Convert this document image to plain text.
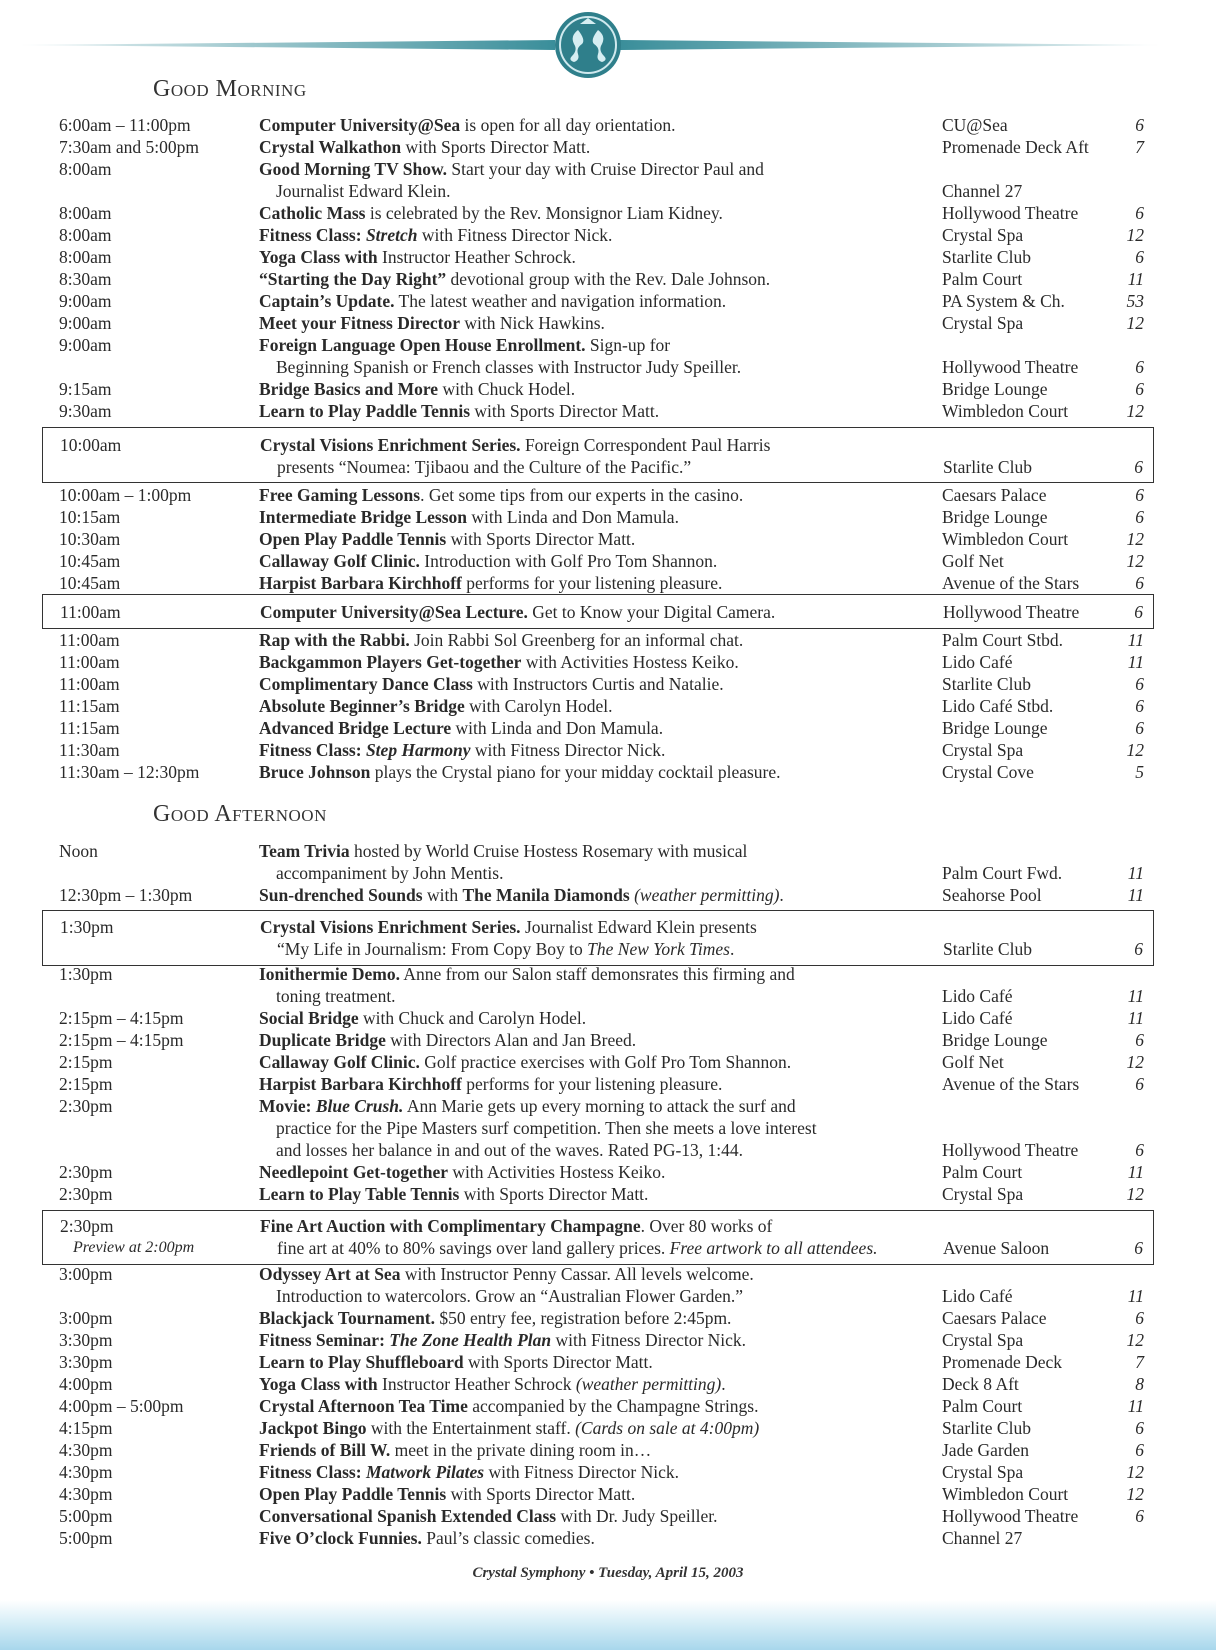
Good Morning
6:00am – 11:00pm	Computer University@Sea is open for all day orientation.	CU@Sea	6
7:30am and 5:00pm	Crystal Walkathon with Sports Director Matt.	Promenade Deck Aft	7
8:00am	Good Morning TV Show. Start your day with Cruise Director Paul and
Journalist Edward Klein.	Channel 27
8:00am	Catholic Mass is celebrated by the Rev. Monsignor Liam Kidney.	Hollywood Theatre	6
8:00am	Fitness Class: Stretch with Fitness Director Nick.	Crystal Spa	12
8:00am	Yoga Class with Instructor Heather Schrock.	Starlite Club	6
8:30am	“Starting the Day Right” devotional group with the Rev. Dale Johnson.	Palm Court	11
9:00am	Captain’s Update. The latest weather and navigation information.	PA System & Ch.	53
9:00am	Meet your Fitness Director with Nick Hawkins.	Crystal Spa	12
9:00am	Foreign Language Open House Enrollment. Sign-up for
Beginning Spanish or French classes with Instructor Judy Speiller.	Hollywood Theatre	6
9:15am	Bridge Basics and More with Chuck Hodel.	Bridge Lounge	6
9:30am	Learn to Play Paddle Tennis with Sports Director Matt.	Wimbledon Court	12
10:00am	Crystal Visions Enrichment Series. Foreign Correspondent Paul Harris
presents “Noumea: Tjibaou and the Culture of the Pacific.”	Starlite Club	6
10:00am – 1:00pm	Free Gaming Lessons. Get some tips from our experts in the casino.	Caesars Palace	6
10:15am	Intermediate Bridge Lesson with Linda and Don Mamula.	Bridge Lounge	6
10:30am	Open Play Paddle Tennis with Sports Director Matt.	Wimbledon Court	12
10:45am	Callaway Golf Clinic. Introduction with Golf Pro Tom Shannon.	Golf Net	12
10:45am	Harpist Barbara Kirchhoff performs for your listening pleasure.	Avenue of the Stars	6
11:00am	Computer University@Sea Lecture. Get to Know your Digital Camera.	Hollywood Theatre	6
11:00am	Rap with the Rabbi. Join Rabbi Sol Greenberg for an informal chat.	Palm Court Stbd.	11
11:00am	Backgammon Players Get-together with Activities Hostess Keiko.	Lido Café	11
11:00am	Complimentary Dance Class with Instructors Curtis and Natalie.	Starlite Club	6
11:15am	Absolute Beginner’s Bridge with Carolyn Hodel.	Lido Café Stbd.	6
11:15am	Advanced Bridge Lecture with Linda and Don Mamula.	Bridge Lounge	6
11:30am	Fitness Class: Step Harmony with Fitness Director Nick.	Crystal Spa	12
11:30am – 12:30pm	Bruce Johnson plays the Crystal piano for your midday cocktail pleasure.	Crystal Cove	5
Good Afternoon
Noon	Team Trivia hosted by World Cruise Hostess Rosemary with musical
accompaniment by John Mentis.	Palm Court Fwd.	11
12:30pm – 1:30pm	Sun-drenched Sounds with The Manila Diamonds (weather permitting).	Seahorse Pool	11
1:30pm	Crystal Visions Enrichment Series. Journalist Edward Klein presents
“My Life in Journalism: From Copy Boy to The New York Times.	Starlite Club	6
1:30pm	Ionithermie Demo. Anne from our Salon staff demonsrates this firming and
toning treatment.	Lido Café	11
2:15pm – 4:15pm	Social Bridge with Chuck and Carolyn Hodel.	Lido Café	11
2:15pm – 4:15pm	Duplicate Bridge with Directors Alan and Jan Breed.	Bridge Lounge	6
2:15pm	Callaway Golf Clinic. Golf practice exercises with Golf Pro Tom Shannon.	Golf Net	12
2:15pm	Harpist Barbara Kirchhoff performs for your listening pleasure.	Avenue of the Stars	6
2:30pm	Movie: Blue Crush. Ann Marie gets up every morning to attack the surf and
practice for the Pipe Masters surf competition. Then she meets a love interest
and losses her balance in and out of the waves. Rated PG-13, 1:44.	Hollywood Theatre	6
2:30pm	Needlepoint Get-together with Activities Hostess Keiko.	Palm Court	11
2:30pm	Learn to Play Table Tennis with Sports Director Matt.	Crystal Spa	12
2:30pm
Preview at 2:00pm
Fine Art Auction with Complimentary Champagne. Over 80 works of
fine art at 40% to 80% savings over land gallery prices. Free artwork to all attendees.	Avenue Saloon	6
3:00pm	Odyssey Art at Sea with Instructor Penny Cassar. All levels welcome.
Introduction to watercolors. Grow an “Australian Flower Garden.”	Lido Café	11
3:00pm	Blackjack Tournament. $50 entry fee, registration before 2:45pm.	Caesars Palace	6
3:30pm	Fitness Seminar: The Zone Health Plan with Fitness Director Nick.	Crystal Spa	12
3:30pm	Learn to Play Shuffleboard with Sports Director Matt.	Promenade Deck	7
4:00pm	Yoga Class with Instructor Heather Schrock (weather permitting).	Deck 8 Aft	8
4:00pm – 5:00pm	Crystal Afternoon Tea Time accompanied by the Champagne Strings.	Palm Court	11
4:15pm	Jackpot Bingo with the Entertainment staff. (Cards on sale at 4:00pm)	Starlite Club	6
4:30pm	Friends of Bill W. meet in the private dining room in…	Jade Garden	6
4:30pm	Fitness Class: Matwork Pilates with Fitness Director Nick.	Crystal Spa	12
4:30pm	Open Play Paddle Tennis with Sports Director Matt.	Wimbledon Court	12
5:00pm	Conversational Spanish Extended Class with Dr. Judy Speiller.	Hollywood Theatre	6
5:00pm	Five O’clock Funnies. Paul’s classic comedies.	Channel 27
Crystal Symphony • Tuesday, April 15, 2003
